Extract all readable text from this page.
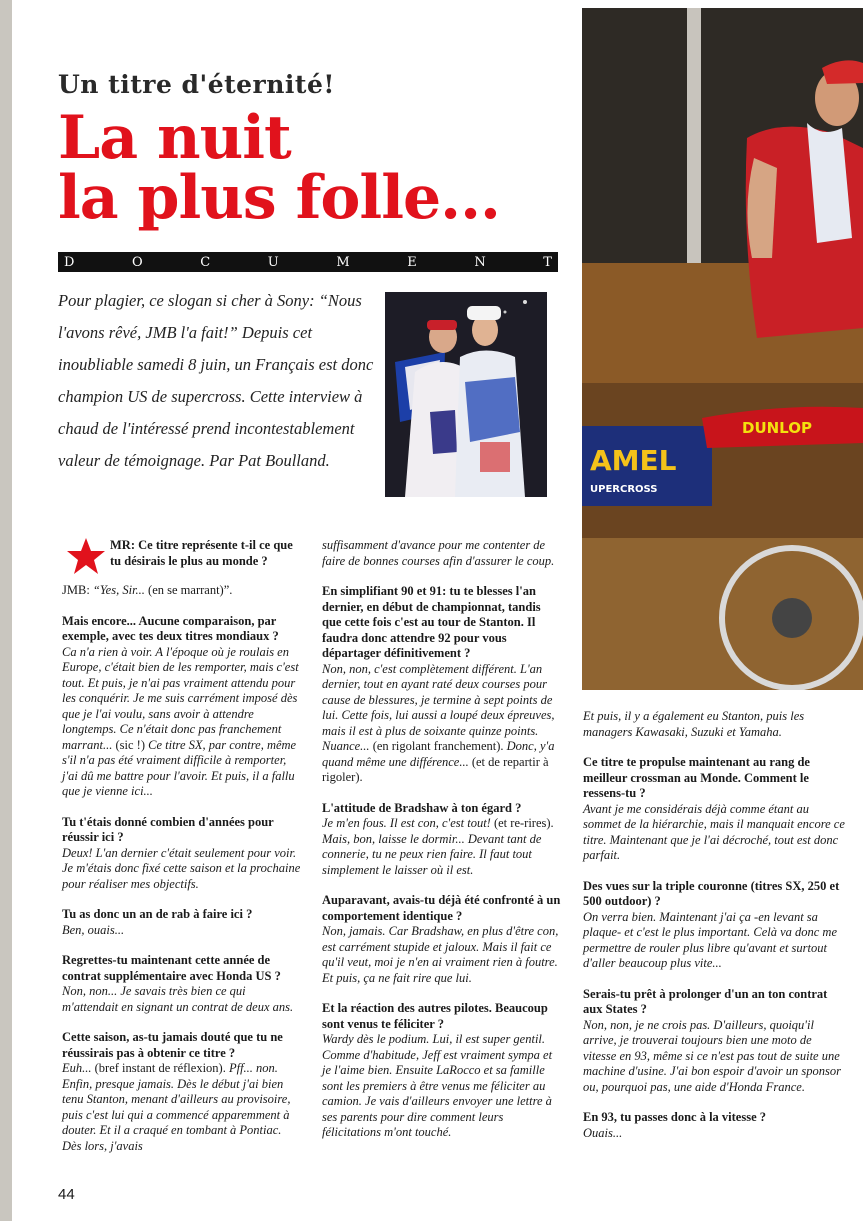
Un titre d'éternité!
La nuit
la plus folle...
D	O	C	U	M	E	N	T
Pour plagier, ce slogan si cher à Sony: “Nous l'avons rêvé, JMB l'a fait!” Depuis cet inoubliable samedi 8 juin, un Français est donc champion US de supercross. Cette interview à chaud de l'intéressé prend incontestablement valeur de témoignage. Par Pat Boulland.	AMEL
UPERCROSS
DUNLOP

MR: Ce titre représente t-il ce que tu désirais le plus au monde ?

JMB: “Yes, Sir... (en se marrant)”.

Mais encore... Aucune comparaison, par exemple, avec tes deux titres mondiaux ?

Ca n'a rien à voir. A l'époque où je roulais en Europe, c'était bien de les remporter, mais c'est tout. Et puis, je n'ai pas vraiment attendu pour les conquérir. Je me suis carrément imposé dès que je l'ai voulu, sans avoir à attendre longtemps. Ce n'était donc pas franchement marrant... (sic !) Ce titre SX, par contre, même s'il n'a pas été vraiment difficile à remporter, j'ai dû me battre pour l'avoir. Et puis, il a fallu que je vienne ici...

Tu t'étais donné combien d'années pour réussir ici ?

Deux! L'an dernier c'était seulement pour voir. Je m'étais donc fixé cette saison et la prochaine pour réaliser mes objectifs.

Tu as donc un an de rab à faire ici ?

Ben, ouais...

Regrettes-tu maintenant cette année de contrat supplémentaire avec Honda US ?

Non, non... Je savais très bien ce qui m'attendait en signant un contrat de deux ans.

Cette saison, as-tu jamais douté que tu ne réussirais pas à obtenir ce titre ?

Euh... (bref instant de réflexion). Pff... non. Enfin, presque jamais. Dès le début j'ai bien tenu Stanton, menant d'ailleurs au provisoire, puis c'est lui qui a commencé apparemment à douter. Et il a craqué en tombant à Pontiac. Dès lors, j'avais

suffisamment d'avance pour me contenter de faire de bonnes courses afin d'assurer le coup.

En simplifiant 90 et 91: tu te blesses l'an dernier, en début de championnat, tandis que cette fois c'est au tour de Stanton. Il faudra donc attendre 92 pour vous départager définitivement ?

Non, non, c'est complètement différent. L'an dernier, tout en ayant raté deux courses pour cause de blessures, je termine à sept points de lui. Cette fois, lui aussi a loupé deux épreuves, mais il est à plus de soixante quinze points. Nuance... (en rigolant franchement). Donc, y'a quand même une différence... (et de repartir à rigoler).

L'attitude de Bradshaw à ton égard ?

Je m'en fous. Il est con, c'est tout! (et re-rires). Mais, bon, laisse le dormir... Devant tant de connerie, tu ne peux rien faire. Il faut tout simplement le laisser où il est.

Auparavant, avais-tu déjà été confronté à un comportement identique ?

Non, jamais. Car Bradshaw, en plus d'être con, est carrément stupide et jaloux. Mais il fait ce qu'il veut, moi je n'en ai vraiment rien à foutre. Et puis, ça ne fait rire que lui.

Et la réaction des autres pilotes. Beaucoup sont venus te féliciter ?

Wardy dès le podium. Lui, il est super gentil. Comme d'habitude, Jeff est vraiment sympa et je l'aime bien. Ensuite LaRocco et sa famille sont les premiers à être venus me féliciter au camion. Je vais d'ailleurs envoyer une lettre à ses parents pour dire comment leurs félicitations m'ont touché.

Et puis, il y a également eu Stanton, puis les managers Kawasaki, Suzuki et Yamaha.

Ce titre te propulse maintenant au rang de meilleur crossman au Monde. Comment le ressens-tu ?

Avant je me considérais déjà comme étant au sommet de la hiérarchie, mais il manquait encore ce titre. Maintenant que je l'ai décroché, tout est donc parfait.

Des vues sur la triple couronne (titres SX, 250 et 500 outdoor) ?

On verra bien. Maintenant j'ai ça -en levant sa plaque- et c'est le plus important. Celà va donc me permettre de rouler plus libre qu'avant et surtout d'aller beaucoup plus vite...

Serais-tu prêt à prolonger d'un an ton contrat aux States ?

Non, non, je ne crois pas. D'ailleurs, quoiqu'il arrive, je trouverai toujours bien une moto de vitesse en 93, même si ce n'est pas tout de suite une machine d'usine. J'ai bon espoir d'avoir un sponsor ou, pourquoi pas, une aide d'Honda France.

En 93, tu passes donc à la vitesse ?

Ouais...

44
